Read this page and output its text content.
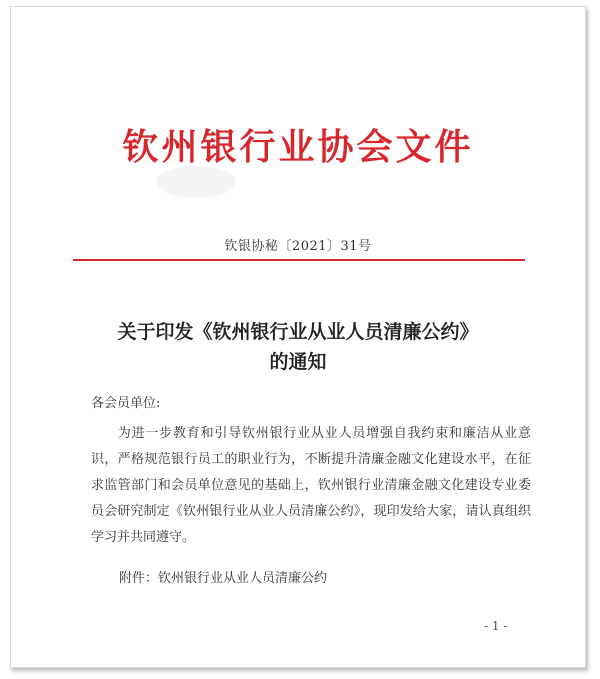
钦州银行业协会文件
钦银协秘〔2021〕31号
关于印发《钦州银行业从业人员清廉公约》
的通知
各会员单位:
为进一步教育和引导钦州银行业从业人员增强自我约束和廉洁从业意识，严格规范银行员工的职业行为，不断提升清廉金融文化建设水平，在征求监管部门和会员单位意见的基础上，钦州银行业清廉金融文化建设专业委员会研究制定《钦州银行业从业人员清廉公约》，现印发给大家，请认真组织学习并共同遵守。
附件：钦州银行业从业人员清廉公约
- 1 -
